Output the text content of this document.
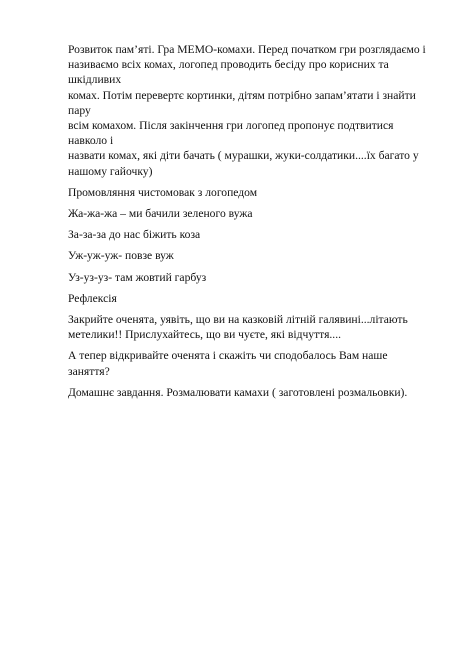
Розвиток пам’яті. Гра МЕМО-комахи. Перед початком гри розглядаємо і
називаємо всіх комах, логопед проводить бесіду про корисних та шкідливих
комах. Потім перевертє кортинки, дітям потрібно запам’ятати і знайти пару
всім комахом. Після закінчення гри логопед пропонує подтвитися навколо і
назвати комах, які діти бачать ( мурашки, жуки-солдатики....їх багато у
нашому гайочку)

Промовляння чистомовак з логопедом

Жа-жа-жа – ми бачили зеленого вужа

За-за-за до нас біжить коза

Уж-уж-уж- повзе вуж

Уз-уз-уз- там жовтий гарбуз

Рефлексія

Закрийте оченята, уявіть, що ви на казковій літній галявині...літають
метелики!! Прислухайтесь, що ви чуєте, які відчуття....

А тепер відкривайте оченята і скажіть чи сподобалось Вам наше заняття?

Домашнє завдання. Розмалювати камахи ( заготовлені розмальовки).
